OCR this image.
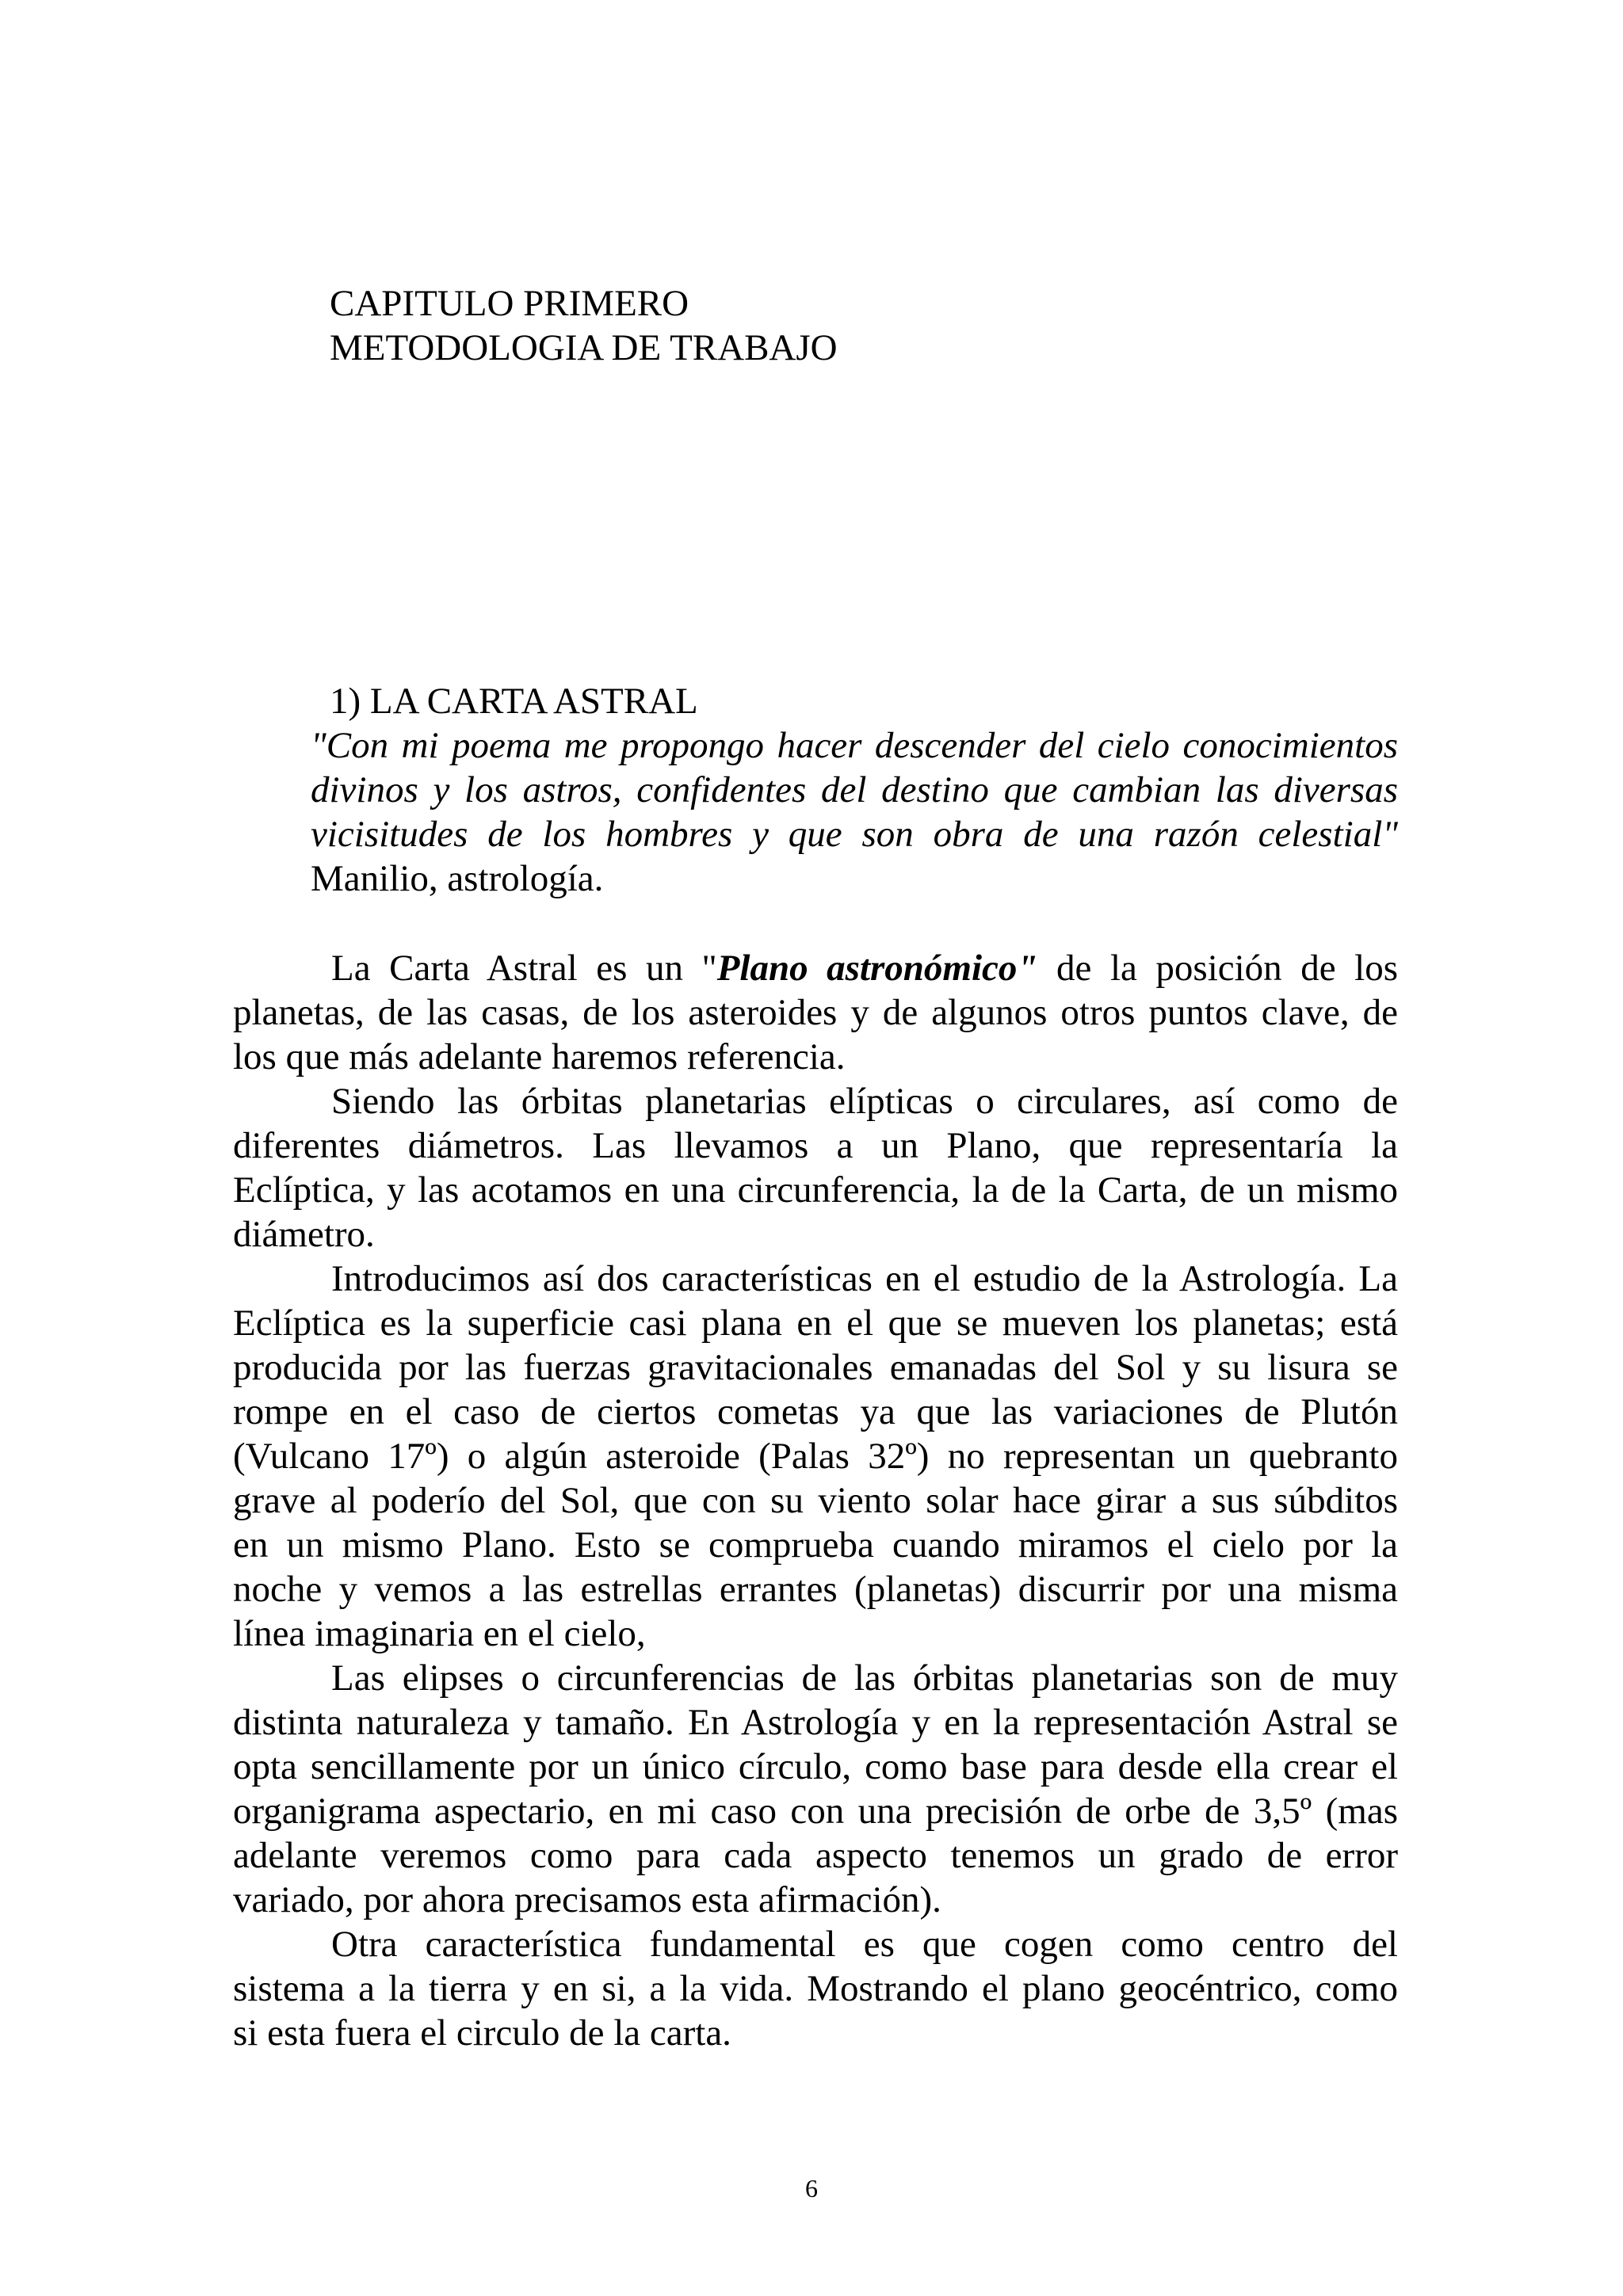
CAPITULO PRIMERO
METODOLOGIA DE TRABAJO
1) LA CARTA ASTRAL
"Con mi poema me propongo hacer descender del cielo conocimientos
divinos y los astros, confidentes del destino que cambian las diversas
vicisitudes de los hombres y que son obra de una razón celestial"
Manilio, astrología.
La Carta Astral es un "Plano astronómico" de la posición de los
planetas, de las casas, de los asteroides y de algunos otros puntos clave, de
los que más adelante haremos referencia.
Siendo las órbitas planetarias elípticas o circulares, así como de
diferentes diámetros. Las llevamos a un Plano, que representaría la
Eclíptica, y las acotamos en una circunferencia, la de la Carta, de un mismo
diámetro.
Introducimos así dos características en el estudio de la Astrología. La
Eclíptica es la superficie casi plana en el que se mueven los planetas; está
producida por las fuerzas gravitacionales emanadas del Sol y su lisura se
rompe en el caso de ciertos cometas ya que las variaciones de Plutón
(Vulcano 17º) o algún asteroide (Palas 32º) no representan un quebranto
grave al poderío del Sol, que con su viento solar hace girar a sus súbditos
en un mismo Plano. Esto se comprueba cuando miramos el cielo por la
noche y vemos a las estrellas errantes (planetas) discurrir por una misma
línea imaginaria en el cielo,
Las elipses o circunferencias de las órbitas planetarias son de muy
distinta naturaleza y tamaño. En Astrología y en la representación Astral se
opta sencillamente por un único círculo, como base para desde ella crear el
organigrama aspectario, en mi caso con una precisión de orbe de 3,5º (mas
adelante veremos como para cada aspecto tenemos un grado de error
variado, por ahora precisamos esta afirmación).
Otra característica fundamental es que cogen como centro del
sistema a la tierra y en si, a la vida. Mostrando el plano geocéntrico, como
si esta fuera el circulo de la carta.
6
